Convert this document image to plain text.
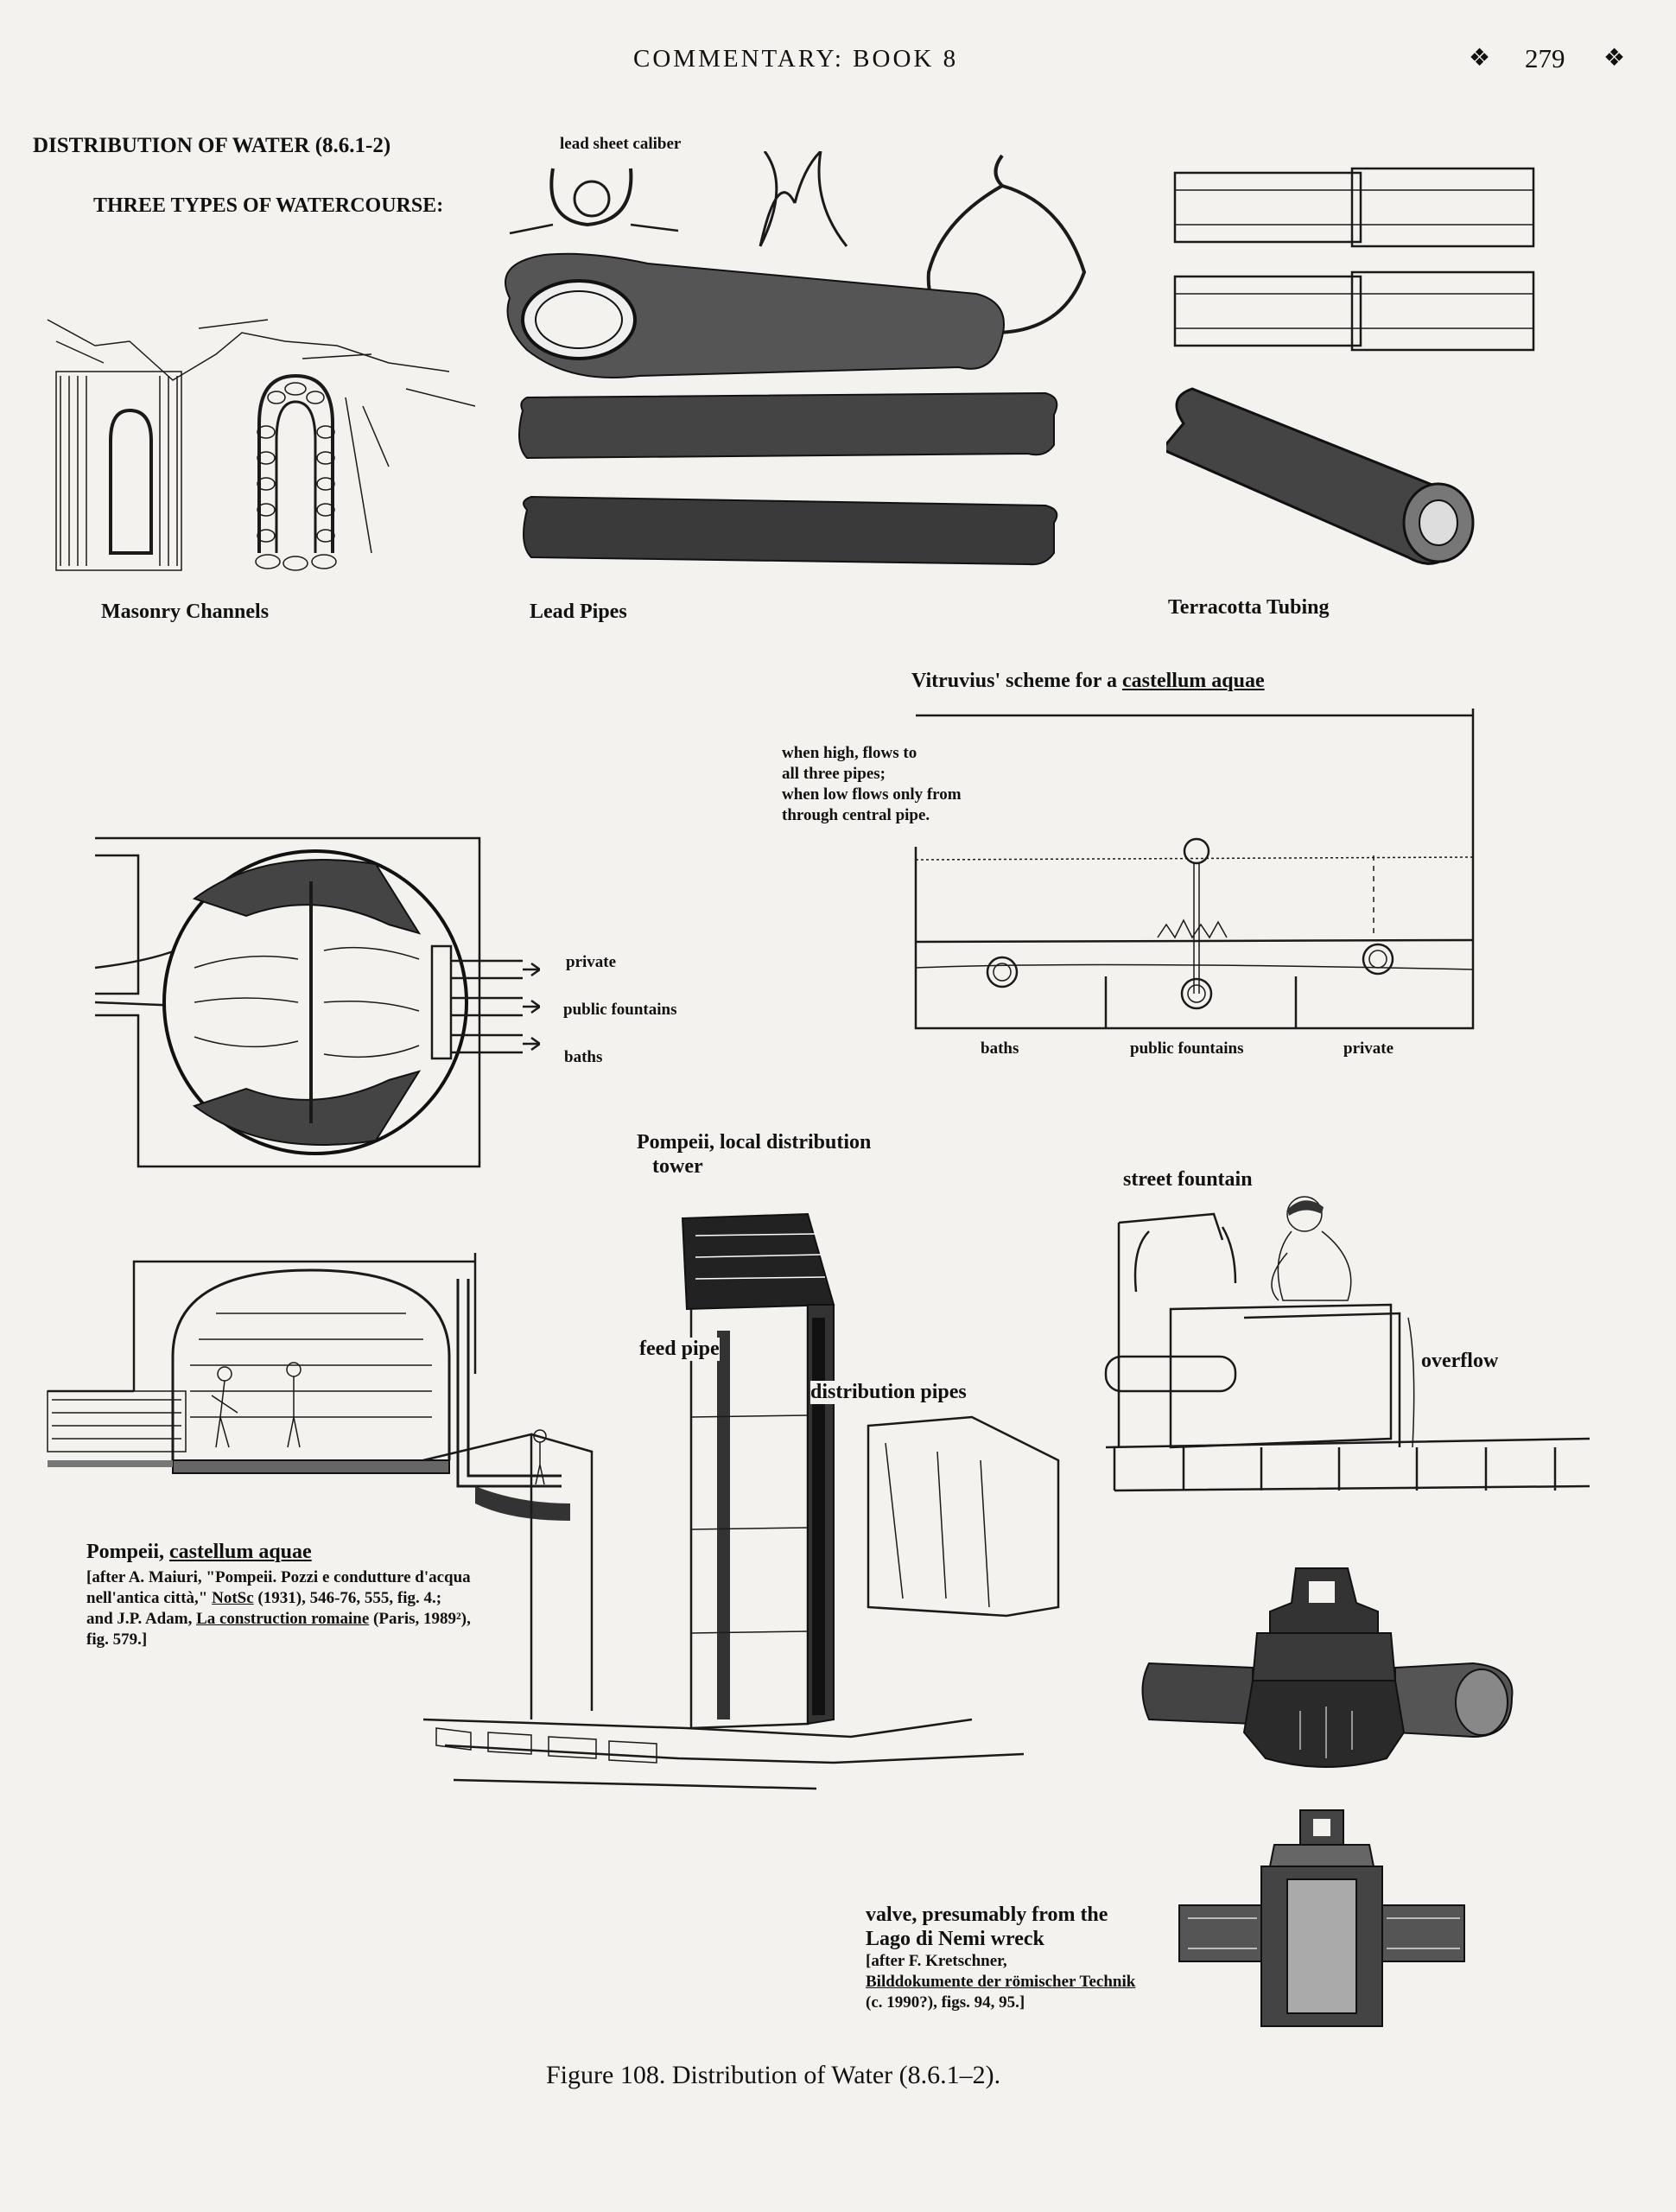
COMMENTARY: BOOK 8	❖ 279 ❖
DISTRIBUTION OF WATER (8.6.1-2)
THREE TYPES OF WATERCOURSE:
Masonry Channels
lead sheet caliber
Lead Pipes	Terracotta Tubing
Vitruvius' scheme for a castellum aquae
when high, flows to
all three pipes;
when low flows only from
through central pipe.
baths	public fountains	private
private
public fountains
baths
Pompeii, castellum aquae
[after A. Maiuri, "Pompeii. Pozzi e condutture d'acqua
nell'antica città," NotSc (1931), 546-76, 555, fig. 4.;
and J.P. Adam, La construction romaine (Paris, 1989²),
fig. 579.]
Pompeii, local distribution
tower
feed pipe
distribution pipes
street fountain
overflow
valve, presumably from the
Lago di Nemi wreck
[after F. Kretschner,
Bilddokumente der römischer Technik
(c. 1990?), figs. 94, 95.]
Figure 108. Distribution of Water (8.6.1–2).
